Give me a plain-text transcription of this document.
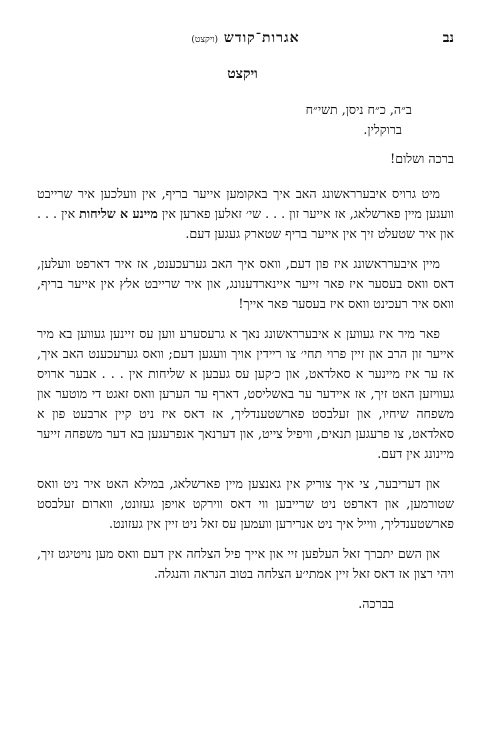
נב
אגרות־קודש (ויקצט)
ויקצט

ב״ה, כ״ח ניסן, תשי״ח

ברוקלין.

ברכה ושלום!

מיט גרויס איבערראשונג האב איך באקומען אייער בריף, אין וועלכען איר שרייבט וועגען מיין פארשלאג, אז אייער זון . . . שי׳ זאלען פארען אין מיינע א שליחות אין . . . און איר שטעלט זיך אין אייער בריף שטארק געגען דעם.

מיין איבערראשונג איז פון דעם, וואס איך האב גערעכענט, אז איר דארפט וועלען, דאס וואס בעסער איז פאר זייער איינארדענונג, און איר שרייבט אלץ אין אייער בריף, וואס איר רעכינט וואס איז בעסער פאר אייך!

פאר מיר איז געווען א איבערראשונג נאך א גרעסערע ווען עס זיינען געווען בא מיר אייער זון הרב און זיין פרוי תחי׳ צו ריידין אויך וועגען דעם; וואס גערעכענט האב איך, אז ער איז מיינער א סאלדאט, און כ׳קען עס געבען א שליחות אין . . . אבער ארויס געוויזען האט זיך, אז איידער ער באשליסט, דארף ער הערען וואס זאגט די מוטער און משפחה שיחיו, און זעלבסט פארשטענדליך, אז דאס איז ניט קיין ארבעט פון א סאלדאט, צו פרעגען תנאים, וויפיל צייט, און דערנאך אנפרעגען בא דער משפחה זייער מיינונג אין דעם.

און דעריבער, צי איך צוריק אין גאנצען מיין פארשלאג, במילא האט איר ניט וואס שטורמען, און דארפט ניט שרייבען ווי דאס ווירקט אויפן געזונט, ווארום זעלבסט פארשטענדליך, ווייל איך ניט אנרירען וועמען עס זאל ניט זיין אין געזונט.

און השם יתברך זאל העלפען זיי און אייך פיל הצלחה אין דעם וואס מען נויטיגט זיך, ויהי רצון אז דאס זאל זיין אמתי׳ע הצלחה בטוב הנראה והנגלה.

בברכה.
